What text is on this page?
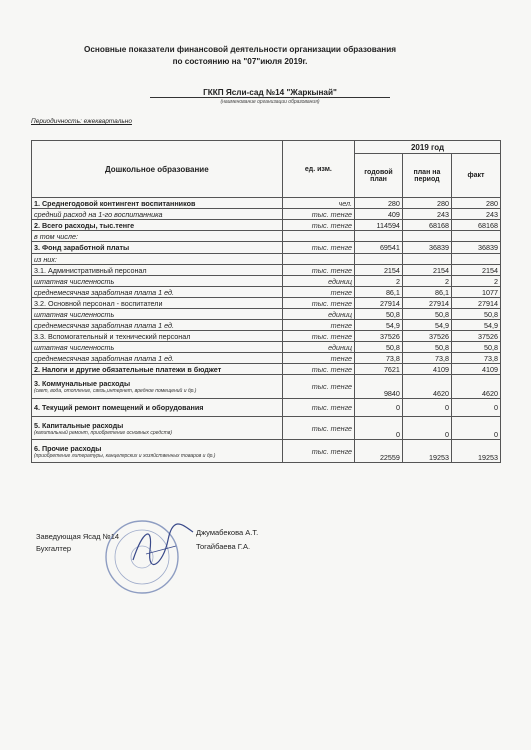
Основные показатели финансовой деятельности организации образования
по состоянию на "07"июля 2019г.
ГККП Ясли-сад №14 "Жаркынай"
(наименование организации образования)
Периодичность: ежеквартально
Дошкольное образование	ед. изм.	2019 год		
		годовой план	план на период	факт
1. Среднегодовой контингент воспитанников	чел.	280	280	280
средний расход на 1-го воспитанника	тыс. тенге	409	243	243
2. Всего расходы, тыс.тенге	тыс. тенге	114594	68168	68168
в том числе:				
3. Фонд заработной платы	тыс. тенге	69541	36839	36839
из них:				
3.1. Административный персонал	тыс. тенге	2154	2154	2154
штатная численность	единиц	2	2	2
среднемесячная заработная плата 1 ед.	тенге	86,1	86,1	1077
3.2. Основной персонал - воспитатели	тыс. тенге	27914	27914	27914
штатная численность	единиц	50,8	50,8	50,8
среднемесячная заработная плата 1 ед.	тенге	54,9	54,9	54,9
3.3. Вспомогательный и технический персонал	тыс. тенге	37526	37526	37526
штатная численность	единиц	50,8	50,8	50,8
среднемесячная заработная плата 1 ед.	тенге	73,8	73,8	73,8
2. Налоги и другие обязательные платежи в бюджет	тыс. тенге	7621	4109	4109
3. Коммунальные расходы
(свет, вода, отопление, связь,интернет, вредное помещений и др.)	тыс. тенге	9840	4620	4620
4. Текущий ремонт помещений и оборудования	тыс. тенге	0	0	0
5. Капитальные расходы
(капитальный ремонт, приобретение основных средств)	тыс. тенге	0	0	0
6. Прочие расходы
(приобретение литературы, канцелярских и хозяйственных товаров и др.)	тыс. тенге	22559	19253	19253
Заведующая Ясад №14	Джумабекова А.Т.
Бухгалтер	Тогайбаева Г.А.
